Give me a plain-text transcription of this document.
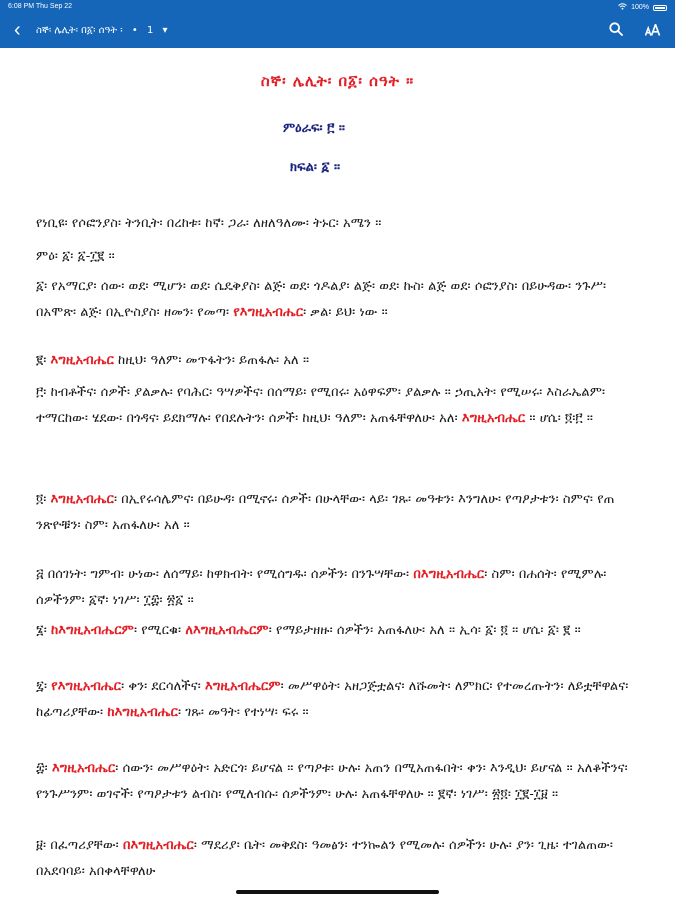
6:08 PM Thu Sep 22	100%
‹ ስኞ፡ ሌሊት፡ በ፩፡ ሰዓት ፡ • 1 ▾
ስኞ፡ ሌሊት፡ በ፩፡ ሰዓት ።
ምዕራፍ፡ ፫ ።
ክፍል፡ ፩ ።
የነቢዩ፡ የሶፎንያስ፡ ትንቢት፡ በረከቱ፡ ከኛ፡ ጋራ፡ ለዘለዓለሙ፡ ትኑር፡ አሜን ።
ምዕ፡ ፩፡ ፩-፲፪ ።
፩፡ የአማርያ፡ ሰው፡ ወደ፡ ሚሆን፡ ወደ፡ ሴዴቅያስ፡ ልጅ፡ ወደ፡ ጎዶልያ፡ ልጅ፡ ወደ፡ ኩስ፡ ልጅ ወደ፡ ሶፎንያስ፡ በይሁዳው፡ ንጉሥ፡ በአሞጽ፡ ልጅ፡ በኢዮስያስ፡ ዘመን፡ የመጣ፡ የእግዚአብሔር፡ ቃል፡ ይህ፡ ነው ።
፪፡ እግዚአብሔር ከዚህ፡ ዓለም፡ መጥፋትን፡ ይጠፋሉ፡ አለ ።
፫፡ ከብቶችና፡ ሰዎች፡ ያልቃሉ፡ የባሕር፡ ዓሣዎችና፡ በሰማይ፡ የሚበሩ፡ አዕዋፍም፡ ያልቃሉ ። ኃጢአት፡ የሚሠሩ፡ እስራኤልም፡ ተማርከው፡ ሄደው፡ በጎዳና፡ ይደክማሉ፡ የበደሉትን፡ ሰዎች፡ ከዚህ፡ ዓለም፡ አጠፋቸዋለሁ፡ አለ፡ እግዚአብሔር ። ሆሴ፡ ፬፡፫ ።
፬፡ እግዚአብሔር፡ በኢየሩሳሌምና፡ በይሁዳ፡ በሚኖሩ፡ ሰዎች፡ በሁላቸው፡ ላይ፡ ገጹ፡ መዓቱን፡ እንግለሁ፡ የጣዖታቱን፡ ስምና፡ የጠ ንጽዮቹን፡ ስም፡ አጠፋለሁ፡ አለ ።
፭ በሰገነት፡ ግምብ፡ ሁነው፡ ለሰማይ፡ ከዋክብት፡ የሚሰግዱ፡ ሰዎችን፡ በንጉሣቸው፡ በእግዚአብሔር፡ ስም፡ በሐሰት፡ የሚምሉ፡ ሰዎችንም፡ ፩ኛ፡ ነገሥ፡ ፲፰፡ ፳፩ ።
፮፡ ከእግዚአብሔርም፡ የሚርቁ፡ ለእግዚአብሔርም፡ የማይታዘዙ፡ ሰዎችን፡ አጠፋለሁ፡ አለ ። ኢሳ፡ ፩፡ ፬ ። ሆሴ፡ ፩፡ ፪ ።
፯፡ የእግዚአብሔር፡ ቀን፡ ደርሳለችና፡ እግዚአብሔርም፡ መሥዋዕት፡ አዘጋጅቷልና፡ ለሹመት፡ ለምክር፡ የተመረጡትን፡ ለይቷቸዋልና፡ ከፊጣሪያቸው፡ ከእግዚአብሔር፡ ገጹ፡ መዓት፡ የተነሣ፡ ፍሩ ።
፰፡ እግዚአብሔር፡ ሰውን፡ መሥዋዕት፡ አድርጎ፡ ይሆናል ። የጣዖቱ፡ ሁሉ፡ አጠን በሚአጠፋበት፡ ቀን፡ እንዲህ፡ ይሆናል ። አለቆችንና፡ የንጉሥንም፡ ወገኖች፡ የጣዖታቱን ልብስ፡ የሚለብሱ፡ ሰዎችንም፡ ሁሉ፡ አጠፋቸዋለሁ ። ፪ኛ፡ ነገሥ፡ ፳፬፡ ፲፪-፲፱ ።
፱፡ በፈጣሪያቸው፡ በእግዚአብሔር፡ ማደሪያ፡ ቤት፡ መቅደስ፡ ዓመፅን፡ ተንኰልን የሚመሉ፡ ሰዎችን፡ ሁሉ፡ ያን፡ ጊዜ፡ ተገልጠው፡ በአደባባይ፡ አበቀላቸዋለሁ
